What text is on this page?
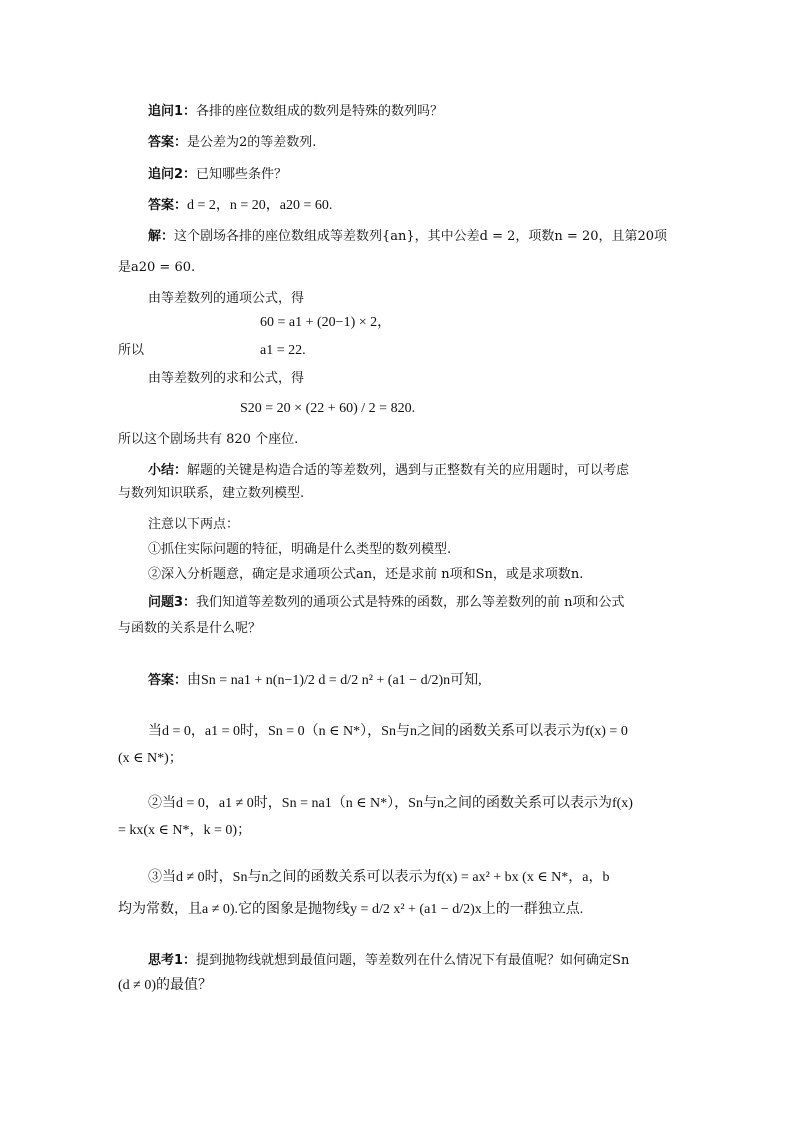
追问1：各排的座位数组成的数列是特殊的数列吗？
答案：是公差为2的等差数列.
追问2：已知哪些条件？
答案：d = 2，n = 20，a20 = 60.
解：这个剧场各排的座位数组成等差数列{an}，其中公差d = 2，项数n = 20，且第20项
是a20 = 60.
由等差数列的通项公式，得
60 = a1 + (20−1) × 2，
所以	a1 = 22.
由等差数列的求和公式，得
S20 = 20 × (22 + 60) / 2 = 820.
所以这个剧场共有 820 个座位.
小结：解题的关键是构造合适的等差数列，遇到与正整数有关的应用题时，可以考虑
与数列知识联系，建立数列模型.
注意以下两点：
①抓住实际问题的特征，明确是什么类型的数列模型.
②深入分析题意，确定是求通项公式an，还是求前 n项和Sn，或是求项数n.
问题3：我们知道等差数列的通项公式是特殊的函数，那么等差数列的前 n项和公式
与函数的关系是什么呢？
答案：由Sn = na1 + n(n−1)/2 d = d/2 n² + (a1 − d/2)n可知,
当d = 0，a1 = 0时，Sn = 0（n ∈ N*），Sn与n之间的函数关系可以表示为f(x) = 0
(x ∈ N*)；
②当d = 0，a1 ≠ 0时，Sn = na1（n ∈ N*），Sn与n之间的函数关系可以表示为f(x)
= kx(x ∈ N*，k = 0)；
③当d ≠ 0时，Sn与n之间的函数关系可以表示为f(x) = ax² + bx (x ∈ N*，a，b
均为常数，且a ≠ 0).它的图象是抛物线y = d/2 x² + (a1 − d/2)x上的一群独立点.
思考1：提到抛物线就想到最值问题，等差数列在什么情况下有最值呢？如何确定Sn
(d ≠ 0)的最值？
